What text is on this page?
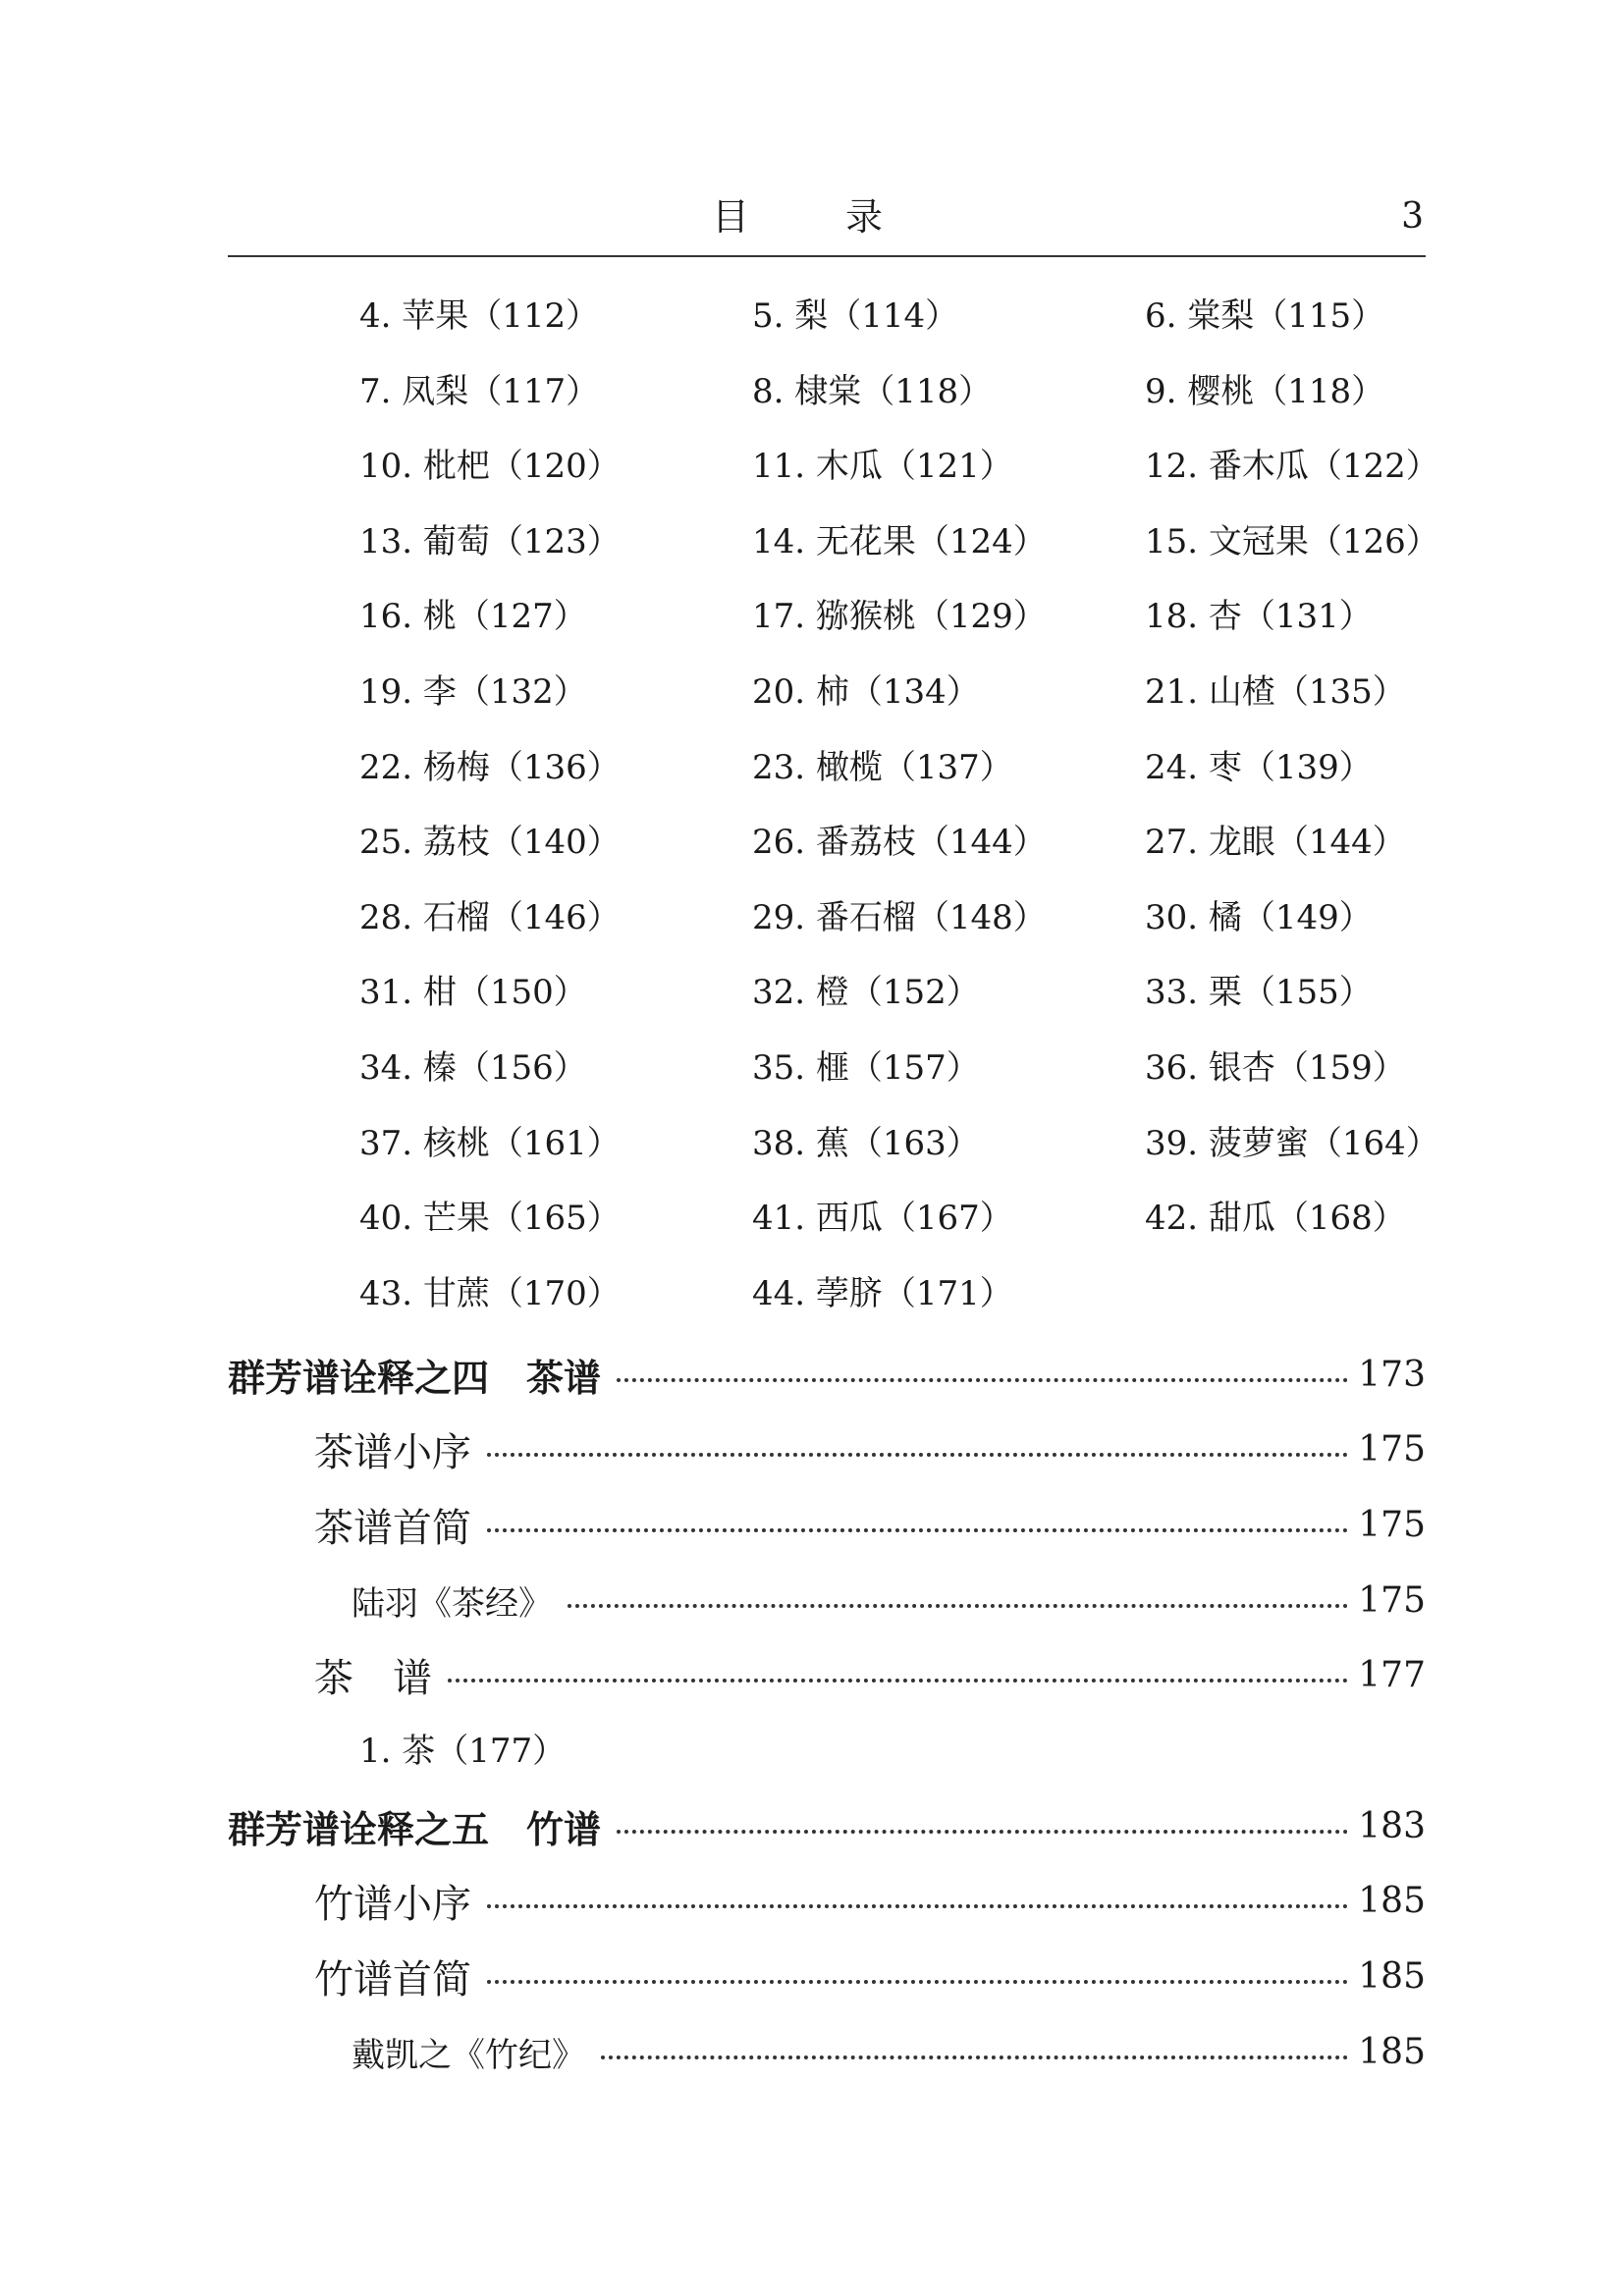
目　录	3
4. 苹果（112）	5. 梨（114）	6. 棠梨（115）
7. 凤梨（117）	8. 棣棠（118）	9. 樱桃（118）
10. 枇杷（120）	11. 木瓜（121）	12. 番木瓜（122）
13. 葡萄（123）	14. 无花果（124）	15. 文冠果（126）
16. 桃（127）	17. 猕猴桃（129）	18. 杏（131）
19. 李（132）	20. 柿（134）	21. 山楂（135）
22. 杨梅（136）	23. 橄榄（137）	24. 枣（139）
25. 荔枝（140）	26. 番荔枝（144）	27. 龙眼（144）
28. 石榴（146）	29. 番石榴（148）	30. 橘（149）
31. 柑（150）	32. 橙（152）	33. 栗（155）
34. 榛（156）	35. 榧（157）	36. 银杏（159）
37. 核桃（161）	38. 蕉（163）	39. 菠萝蜜（164）
40. 芒果（165）	41. 西瓜（167）	42. 甜瓜（168）
43. 甘蔗（170）	44. 荸脐（171）
群芳谱诠释之四　茶谱	173
茶谱小序	175
茶谱首简	175
陆羽《茶经》	175
茶　谱	177
1. 茶（177）
群芳谱诠释之五　竹谱	183
竹谱小序	185
竹谱首简	185
戴凯之《竹纪》	185
